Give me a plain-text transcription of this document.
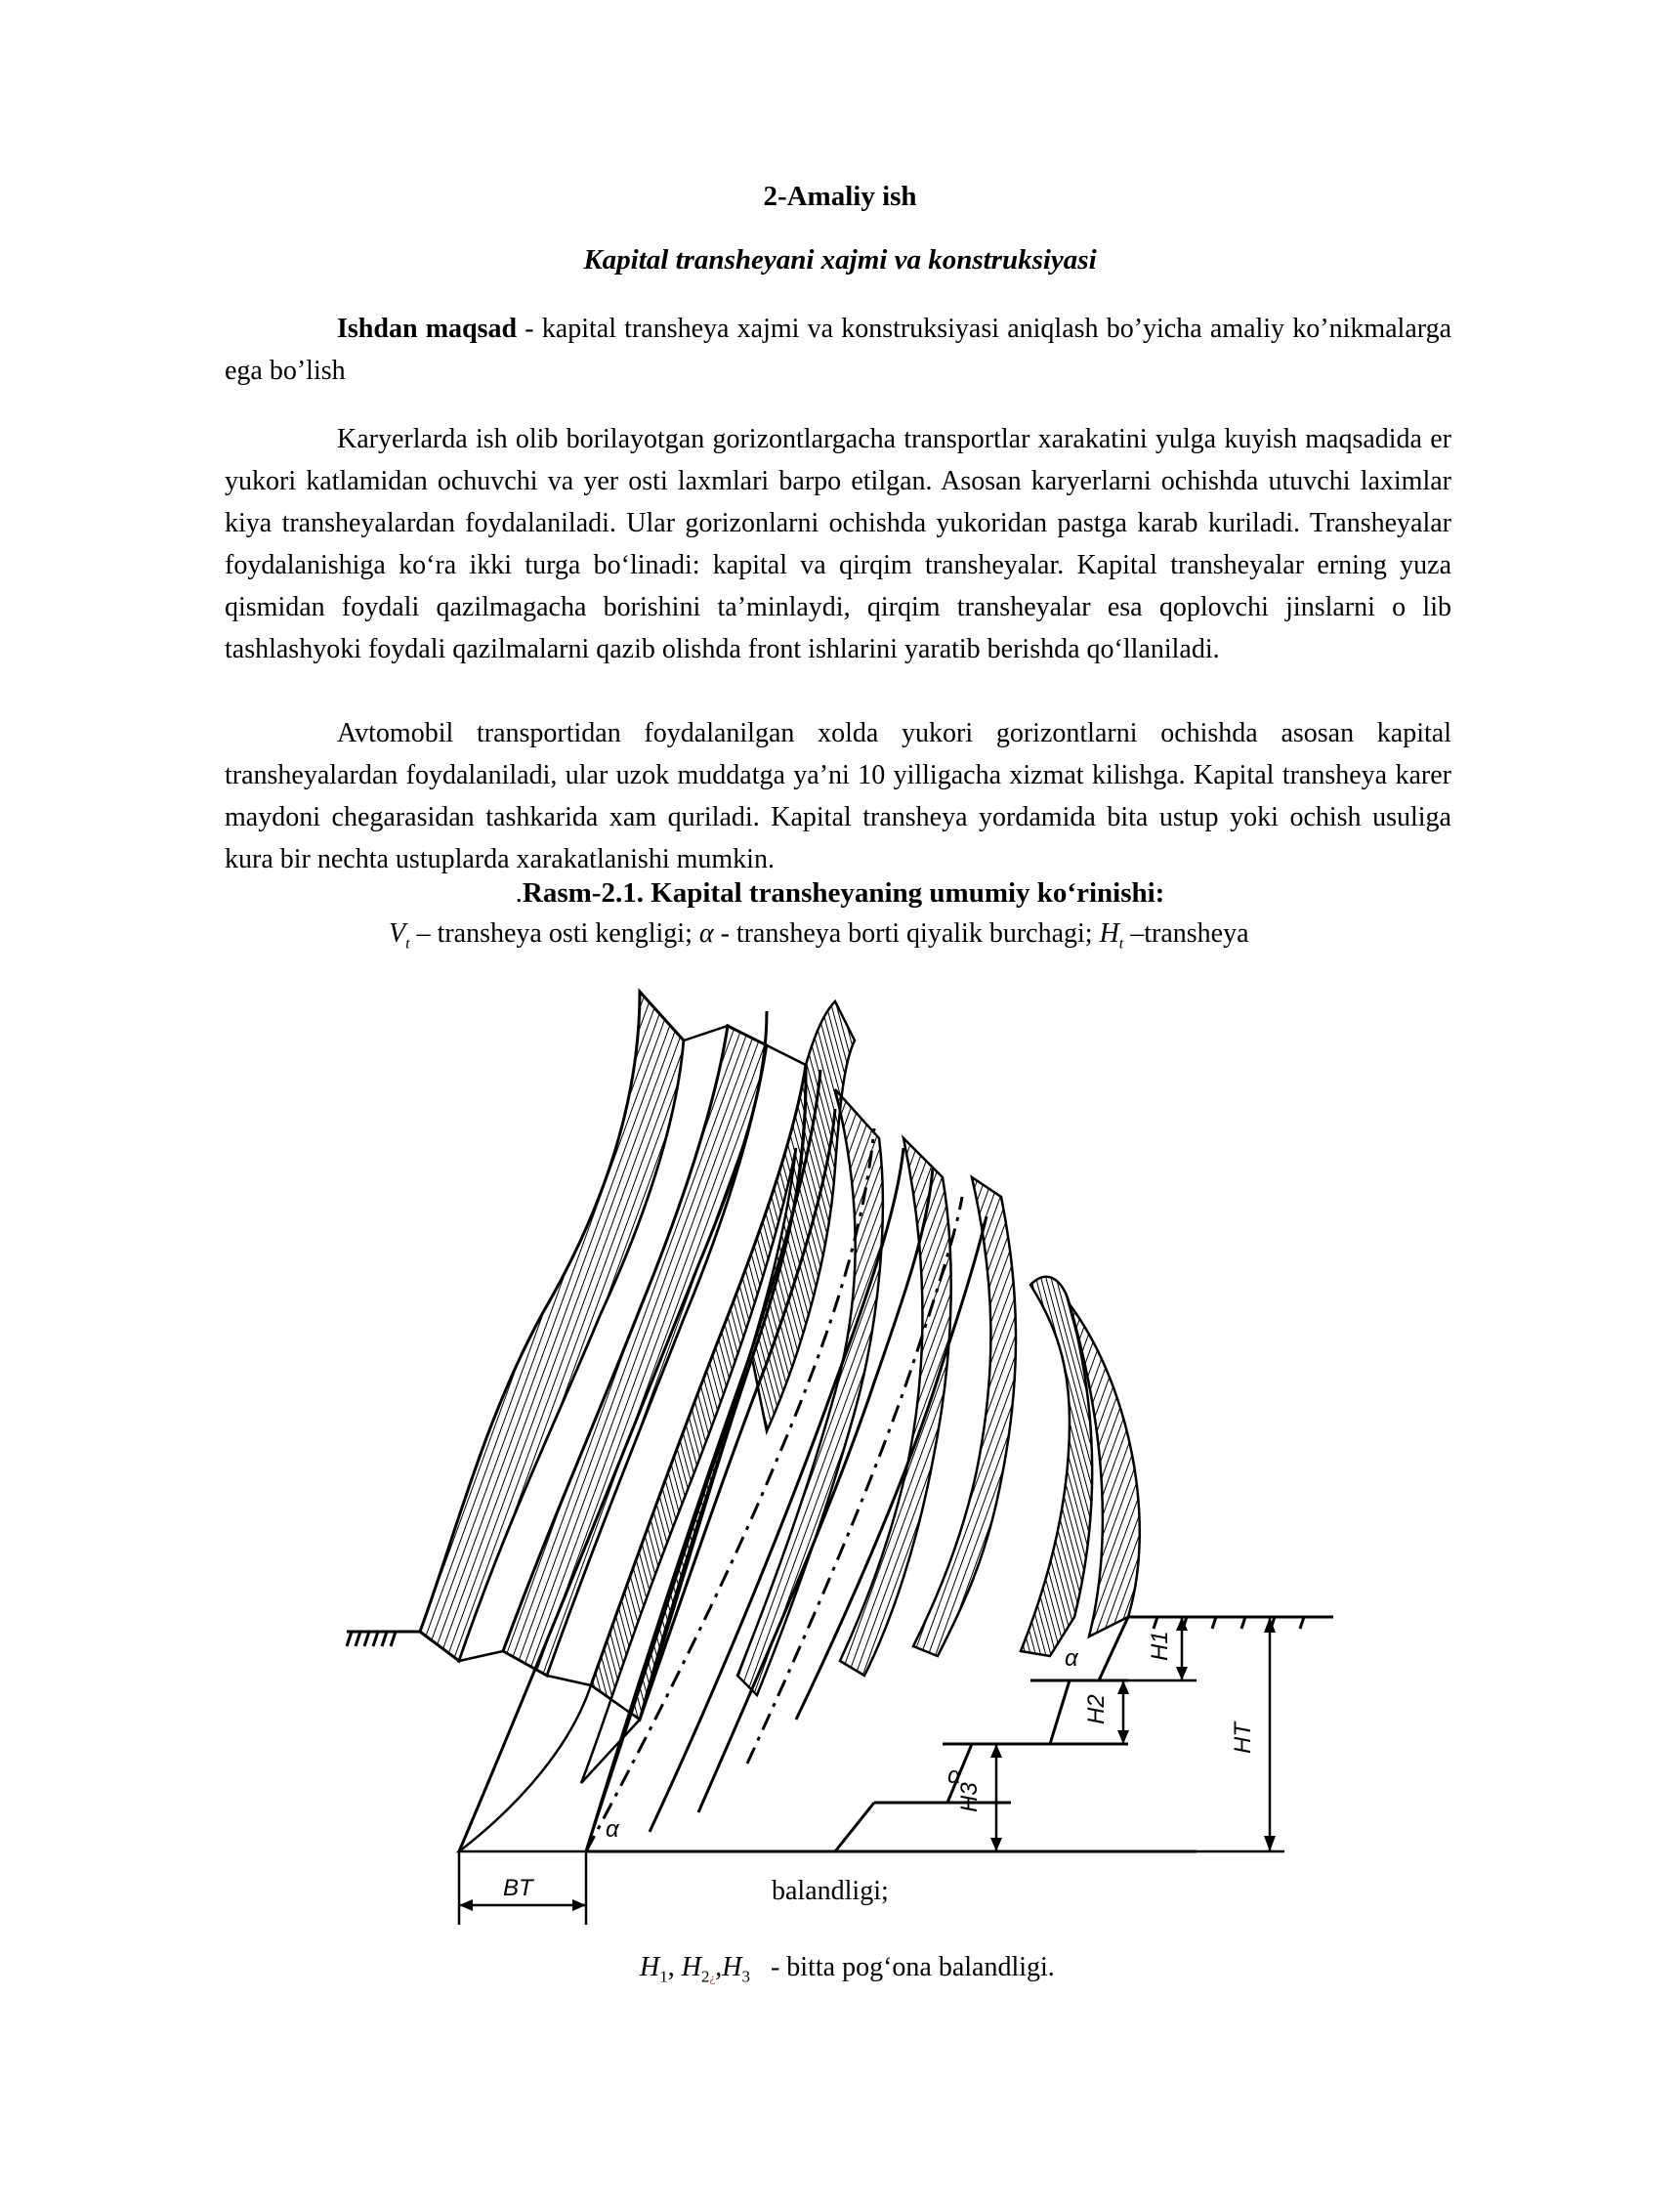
2-Amaliy ish
Kapital transheyani xajmi va konstruksiyasi

Ishdan maqsad - kapital transheya xajmi va konstruksiyasi aniqlash bo’yicha amaliy ko’nikmalarga ega bo’lish

Karyerlarda ish olib borilayotgan gorizontlargacha transportlar xarakatini yulga kuyish maqsadida er yukori katlamidan ochuvchi va yer osti laxmlari barpo etilgan. Asosan karyerlarni ochishda utuvchi laximlar kiya transheyalardan foydalaniladi. Ular gorizonlarni ochishda yukoridan pastga karab kuriladi. Transheyalar foydalanishiga ko‘ra ikki turga bo‘linadi: kapital va qirqim transheyalar. Kapital transheyalar erning yuza qismidan foydali qazilmagacha borishini ta’minlaydi, qirqim transheyalar esa qoplovchi jinslarni o lib tashlashyoki foydali qazilmalarni qazib olishda front ishlarini yaratib berishda qo‘llaniladi.

Avtomobil transportidan foydalanilgan xolda yukori gorizontlarni ochishda asosan kapital transheyalardan foydalaniladi, ular uzok muddatga ya’ni 10 yilligacha xizmat kilishga. Kapital transheya karer maydoni chegarasidan tashkarida xam quriladi. Kapital transheya yordamida bita ustup yoki ochish usuliga kura bir nechta ustuplarda xarakatlanishi mumkin.

.Rasm-2.1. Kapital transheyaning umumiy ko‘rinishi:
$V_t$ – transheya osti kengligi; α - transheya borti qiyalik burchagi; $H_t$ –transheya
H1
H2
H3
HT
BT
α
α
α
balandligi;
$H_1$, $H_{2¿},H_3$   - bitta pog‘ona balandligi.
